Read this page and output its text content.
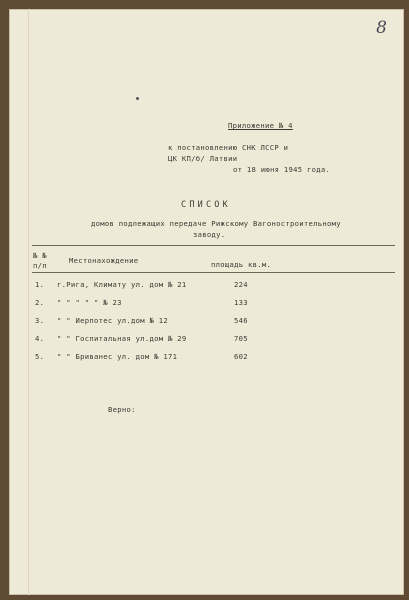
8
Приложение № 4
к постановлению СНК ЛССР и
ЦК КП/б/ Латвии
от 18 июня 1945 года.
СПИСОК
домов подлежащих передаче Рижскому Вагоностроительному
заводу.
№ №
п/п
Местонахождение	площадь кв.м.
1. г.Рига, Климату ул. дом № 21	224
2. " " " " " № 23	133
3. " " Иерпотес ул.дом № 12	546
4. " " Госпитальная ул.дом № 29	705
5. " " Бриванес ул. дом № 171	602
Верно:
